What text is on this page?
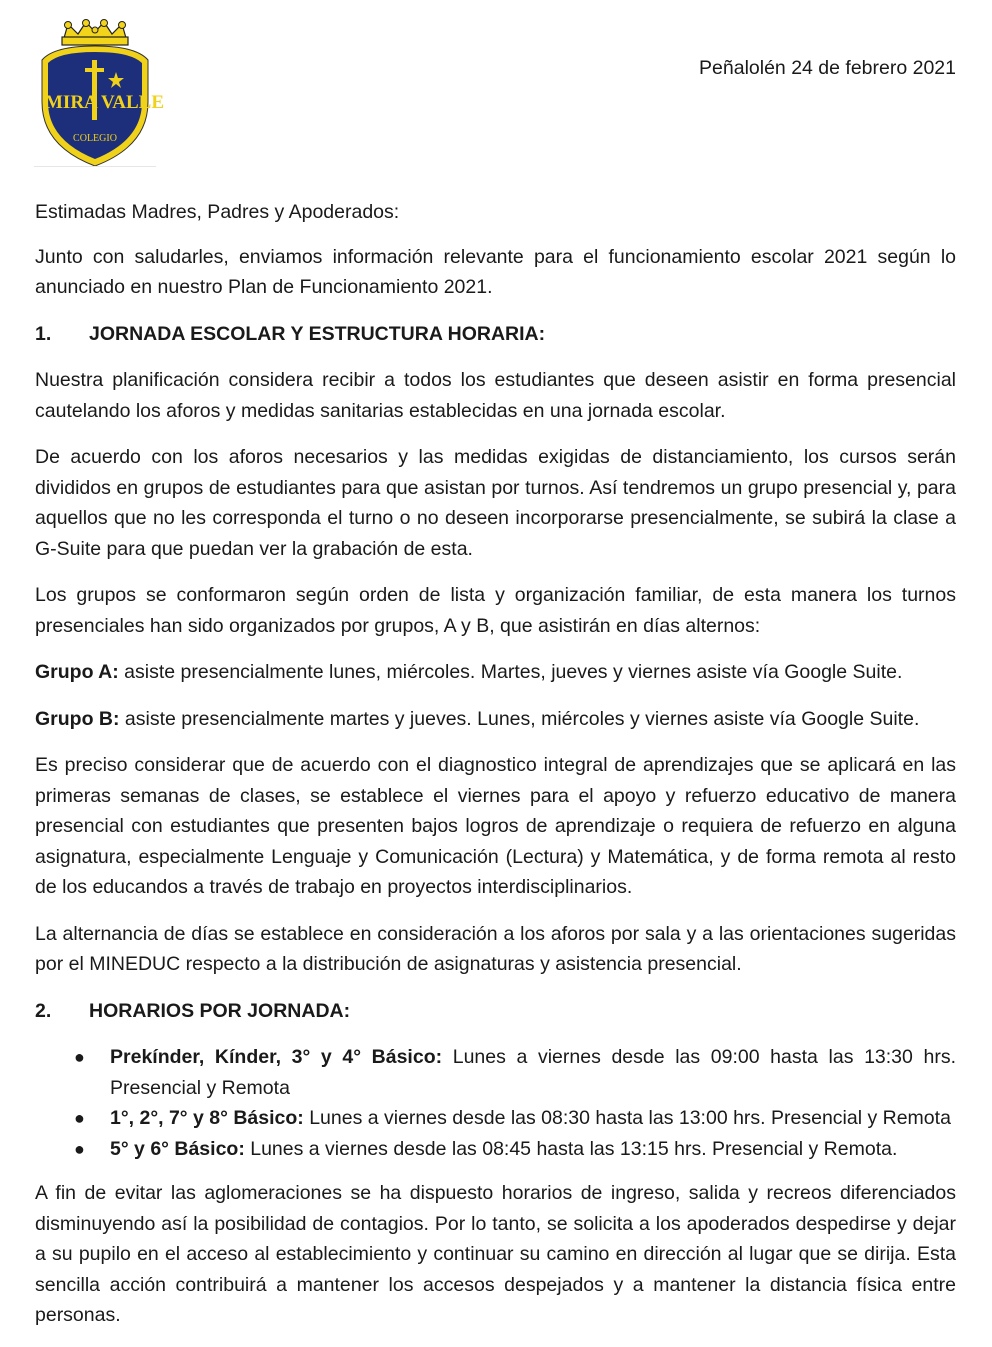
MIRA VALLE
COLEGIO
Peñalolén 24 de febrero 2021

Estimadas Madres, Padres y Apoderados:

Junto con saludarles, enviamos información relevante para el funcionamiento escolar 2021 según lo anunciado en nuestro Plan de Funcionamiento 2021.

1.	JORNADA ESCOLAR Y ESTRUCTURA HORARIA:

Nuestra planificación considera recibir a todos los estudiantes que deseen asistir en forma presencial cautelando los aforos y medidas sanitarias establecidas en una jornada escolar.

De acuerdo con los aforos necesarios y las medidas exigidas de distanciamiento, los cursos serán divididos en grupos de estudiantes para que asistan por turnos. Así tendremos un grupo presencial y, para aquellos que no les corresponda el turno o no deseen incorporarse presencialmente, se subirá la clase a G-Suite para que puedan ver la grabación de esta.

Los grupos se conformaron según orden de lista y organización familiar, de esta manera los turnos presenciales han sido organizados por grupos, A y B, que asistirán en días alternos:

Grupo A: asiste presencialmente lunes, miércoles. Martes, jueves y viernes asiste vía Google Suite.

Grupo B: asiste presencialmente martes y jueves. Lunes, miércoles y viernes asiste vía Google Suite.

Es preciso considerar que de acuerdo con el diagnostico integral de aprendizajes que se aplicará en las primeras semanas de clases, se establece el viernes para el apoyo y refuerzo educativo de manera presencial con estudiantes que presenten bajos logros de aprendizaje o requiera de refuerzo en alguna asignatura, especialmente Lenguaje y Comunicación (Lectura) y Matemática, y de forma remota al resto de los educandos a través de trabajo en proyectos interdisciplinarios.

La alternancia de días se establece en consideración a los aforos por sala y a las orientaciones sugeridas por el MINEDUC respecto a la distribución de asignaturas y asistencia presencial.

2.	HORARIOS POR JORNADA:
● Prekínder, Kínder, 3° y 4° Básico: Lunes a viernes desde las 09:00 hasta las 13:30 hrs. Presencial y Remota
● 1°, 2°, 7° y 8° Básico: Lunes a viernes desde las 08:30 hasta las 13:00 hrs. Presencial y Remota
● 5° y 6° Básico: Lunes a viernes desde las 08:45 hasta las 13:15 hrs. Presencial y Remota.

A fin de evitar las aglomeraciones se ha dispuesto horarios de ingreso, salida y recreos diferenciados disminuyendo así la posibilidad de contagios. Por lo tanto, se solicita a los apoderados despedirse y dejar a su pupilo en el acceso al establecimiento y continuar su camino en dirección al lugar que se dirija. Esta sencilla acción contribuirá a mantener los accesos despejados y a mantener la distancia física entre personas.
